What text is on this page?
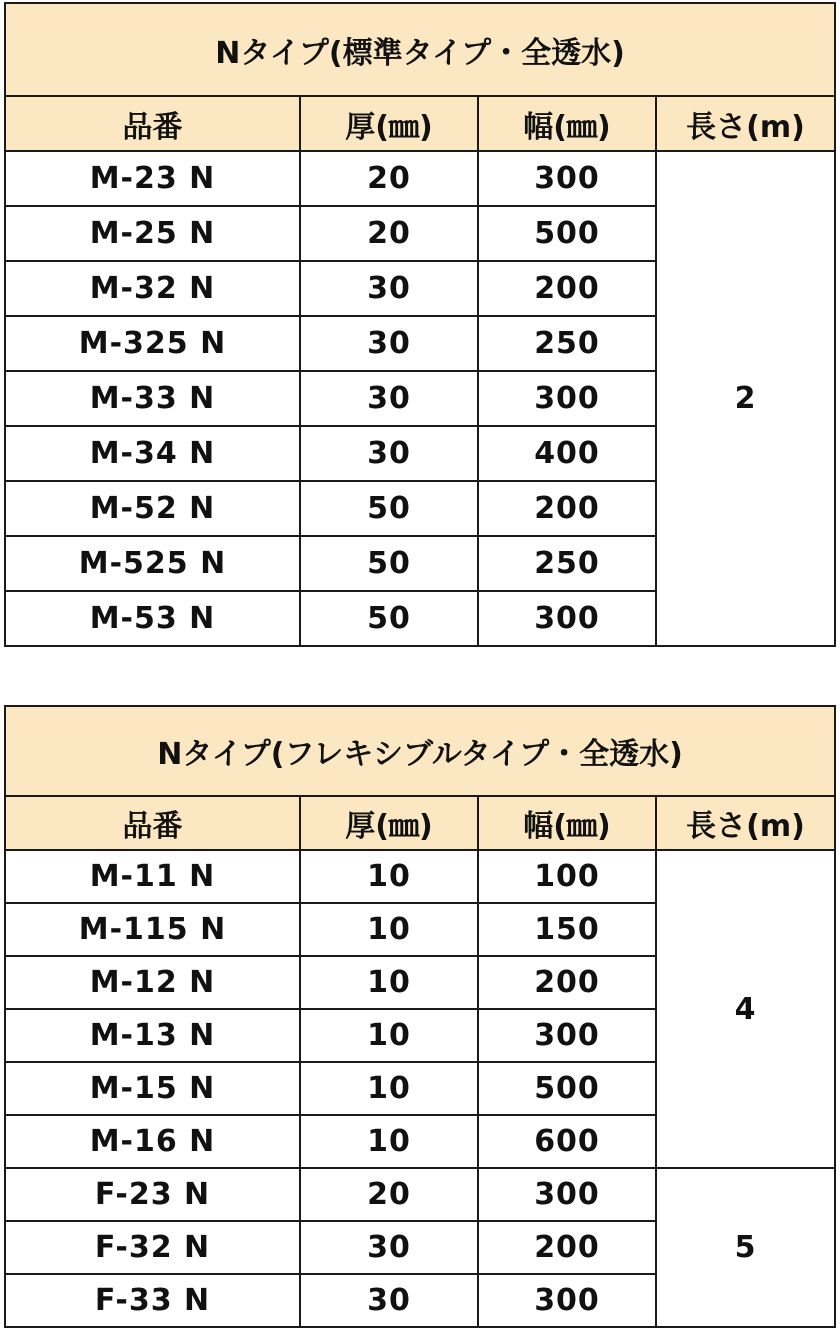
Nタイプ(標準タイプ・全透水)			
品番	厚(㎜)	幅(㎜)	長さ(m)
M-23 N	20	300	2
M-25 N	20	500	
M-32 N	30	200	
M-325 N	30	250	
M-33 N	30	300	
M-34 N	30	400	
M-52 N	50	200	
M-525 N	50	250	
M-53 N	50	300	
Nタイプ(フレキシブルタイプ・全透水)			
品番	厚(㎜)	幅(㎜)	長さ(m)
M-11 N	10	100	4
M-115 N	10	150	
M-12 N	10	200	
M-13 N	10	300	
M-15 N	10	500	
M-16 N	10	600	
F-23 N	20	300	5
F-32 N	30	200	
F-33 N	30	300	
